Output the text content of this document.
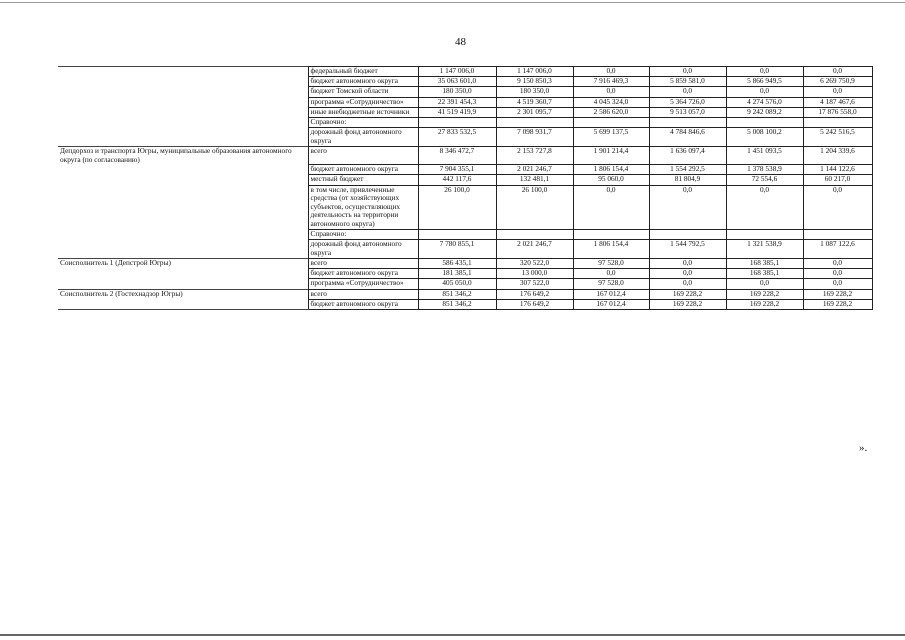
48
	федеральный бюджет	1 147 006,0	1 147 006,0	0,0	0,0	0,0	0,0
	бюджет автономного округа	35 063 601,0	9 150 850,3	7 916 469,3	5 859 581,0	5 866 949,5	6 269 750,9
	бюджет Томской области	180 350,0	180 350,0	0,0	0,0	0,0	0,0
	программа «Сотрудничество»	22 391 454,3	4 519 360,7	4 045 324,0	5 364 726,0	4 274 576,0	4 187 467,6
	иные внебюджетные источники	41 519 419,9	2 301 095,7	2 586 620,0	9 513 057,0	9 242 089,2	17 876 558,0
	Справочно:						
	дорожный фонд автономного округа	27 833 532,5	7 098 931,7	5 699 137,5	4 784 846,6	5 008 100,2	5 242 516,5
Депдорхоз и транспорта Югры, муниципальные образования автономного округа (по согласованию)	всего	8 346 472,7	2 153 727,8	1 901 214,4	1 636 097,4	1 451 093,5	1 204 339,6
	бюджет автономного округа	7 904 355,1	2 021 246,7	1 806 154,4	1 554 292,5	1 378 538,9	1 144 122,6
	местный бюджет	442 117,6	132 481,1	95 060,0	81 804,9	72 554,6	60 217,0
	в том числе, привлеченные средства (от хозяйствующих субъектов, осуществляющих деятельность на территории автономного округа)	26 100,0	26 100,0	0,0	0,0	0,0	0,0
	Справочно:						
	дорожный фонд автономного округа	7 780 855,1	2 021 246,7	1 806 154,4	1 544 792,5	1 321 538,9	1 087 122,6
Соисполнитель 1 (Депстрой Югры)	всего	586 435,1	320 522,0	97 528,0	0,0	168 385,1	0,0
	бюджет автономного округа	181 385,1	13 000,0	0,0	0,0	168 385,1	0,0
	программа «Сотрудничество»	405 050,0	307 522,0	97 528,0	0,0	0,0	0,0
Соисполнитель 2 (Гостехнадзор Югры)	всего	851 346,2	176 649,2	167 012,4	169 228,2	169 228,2	169 228,2
	бюджет автономного округа	851 346,2	176 649,2	167 012,4	169 228,2	169 228,2	169 228,2
».
